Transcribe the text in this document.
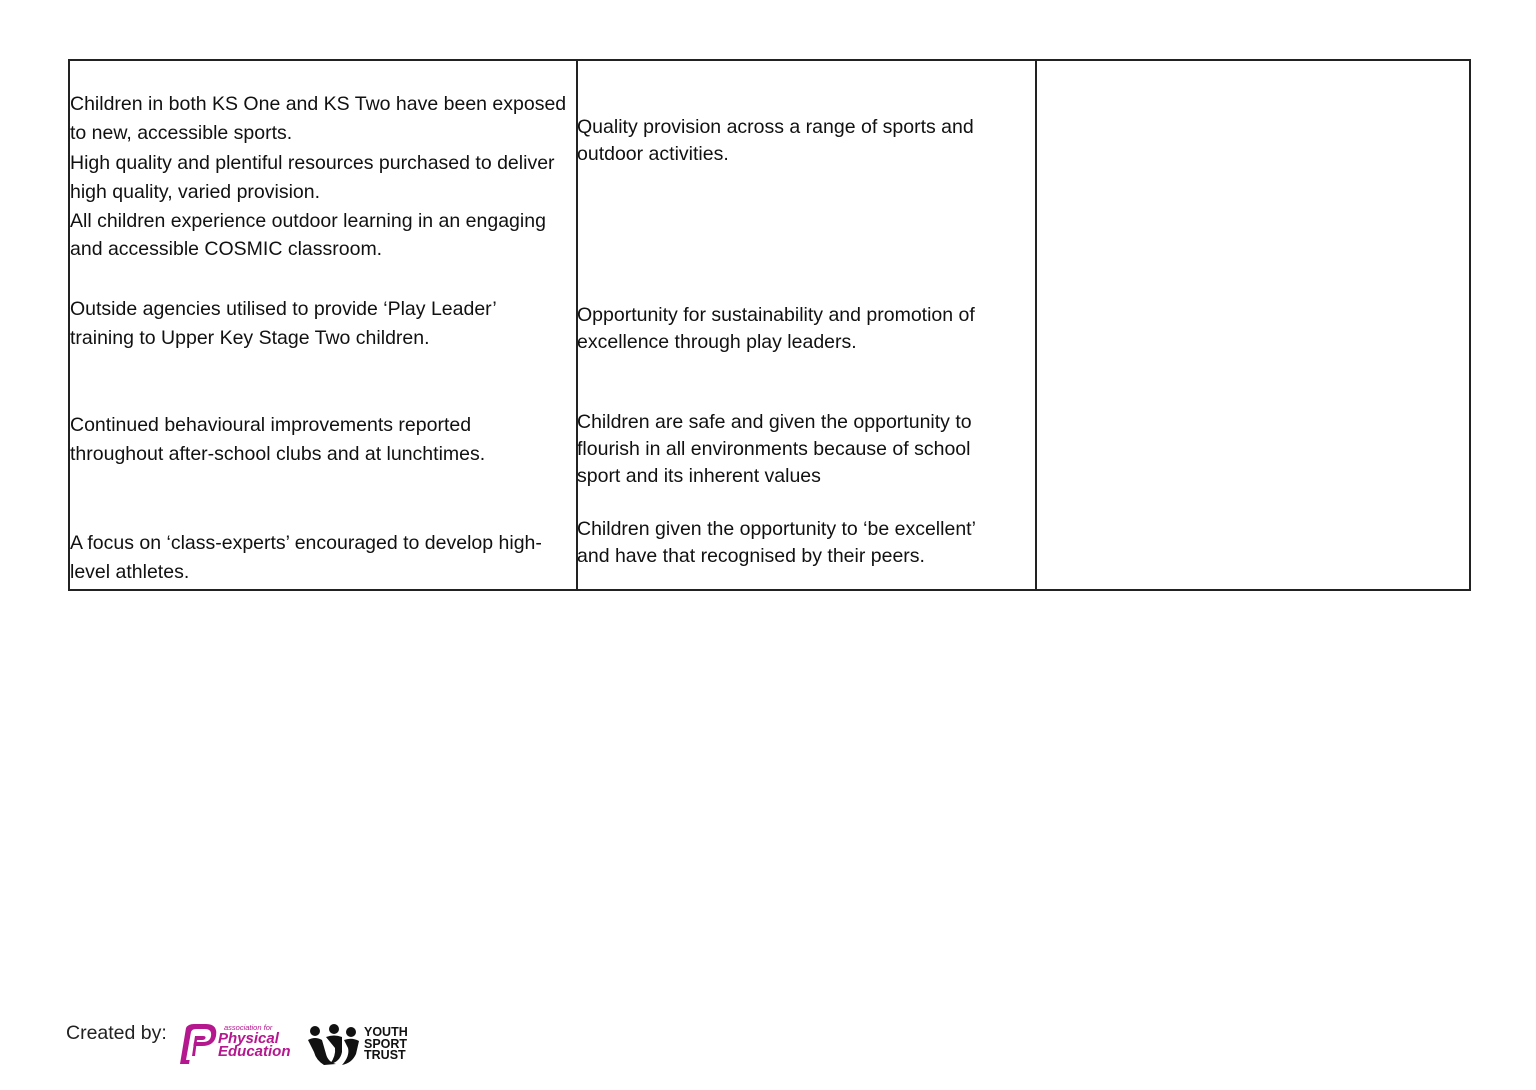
Children in both KS One and KS Two have been exposed
to new, accessible sports.
High quality and plentiful resources purchased to deliver
high quality, varied provision.
All children experience outdoor learning in an engaging
and accessible COSMIC classroom.
Outside agencies utilised to provide ‘Play Leader’
training to Upper Key Stage Two children.
Continued behavioural improvements reported
throughout after-school clubs and at lunchtimes.
A focus on ‘class-experts’ encouraged to develop high-
level athletes.
Quality provision across a range of sports and
outdoor activities.
Opportunity for sustainability and promotion of
excellence through play leaders.
Children are safe and given the opportunity to
flourish in all environments because of school
sport and its inherent values
Children given the opportunity to ‘be excellent’
and have that recognised by their peers.
Created by:	association for
Physical
Education
YOUTH
SPORT
TRUST
